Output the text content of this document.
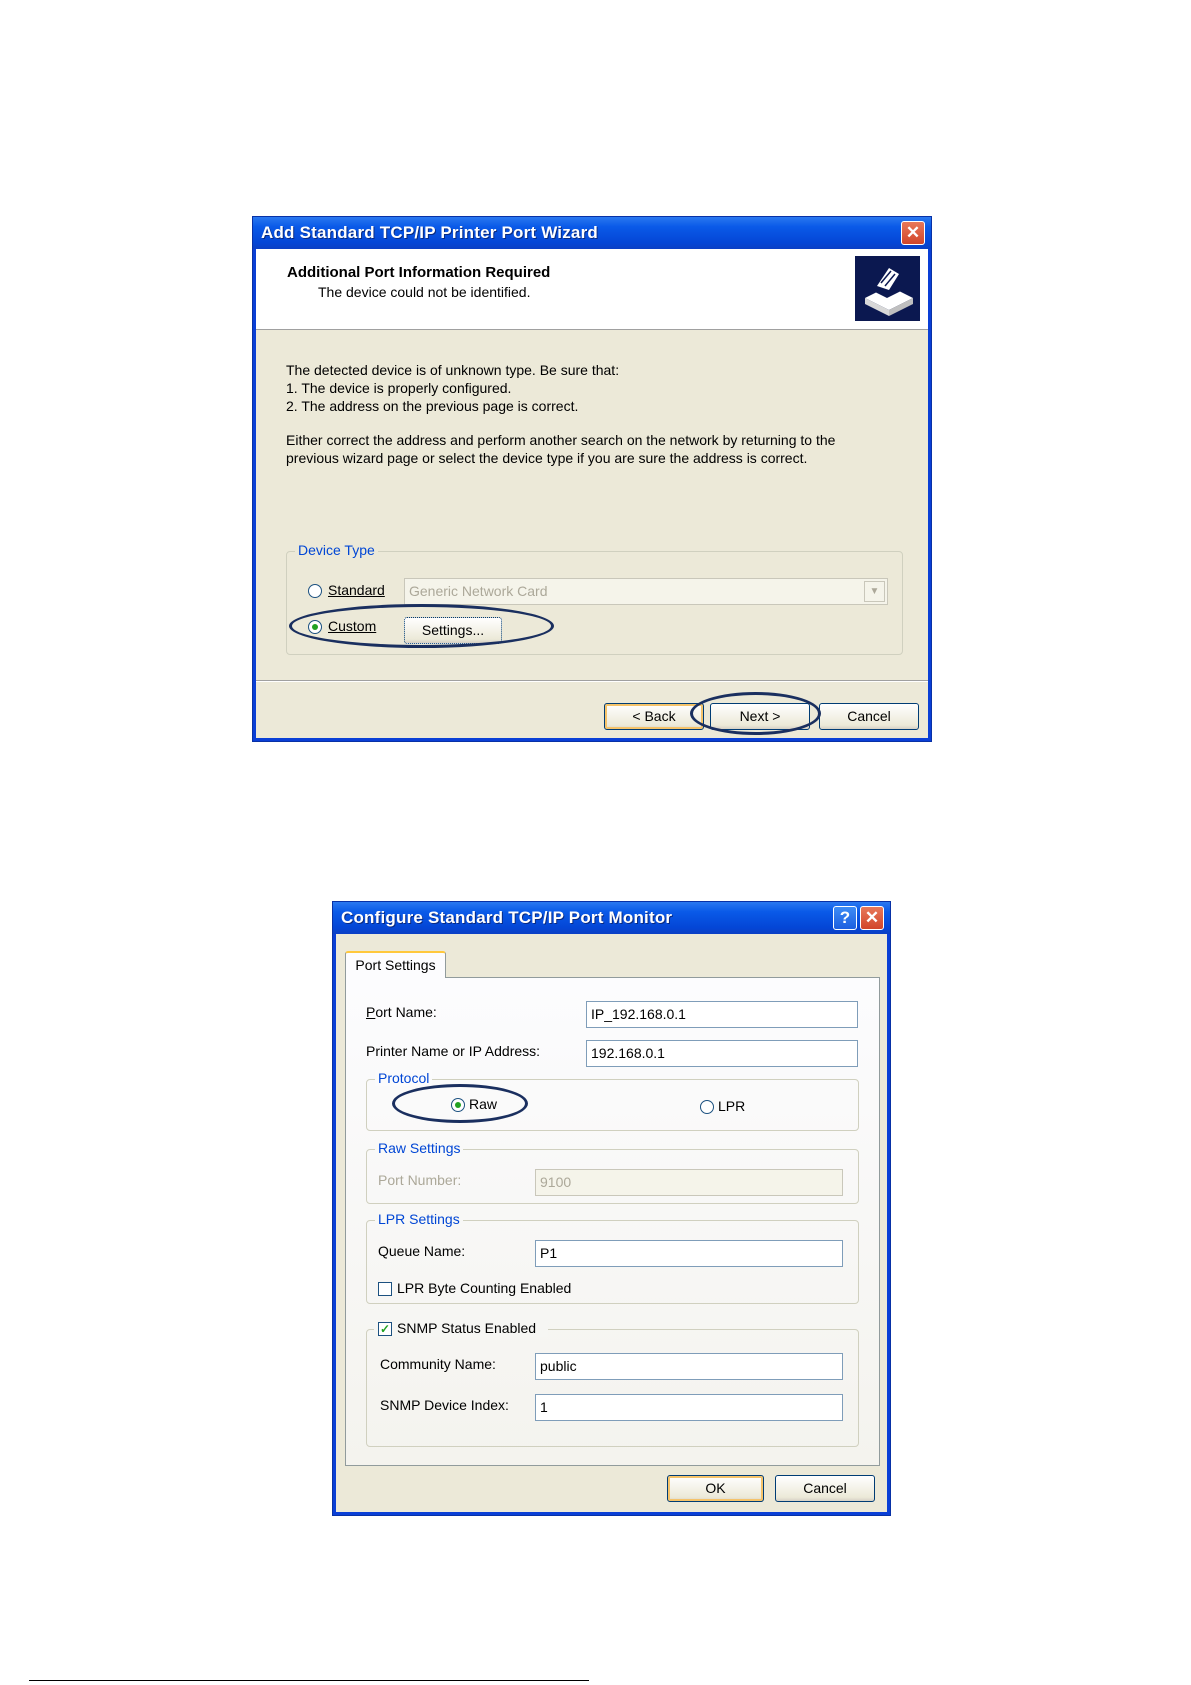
Add Standard TCP/IP Printer Port Wizard	✕
Additional Port Information Required
The device could not be identified.
The detected device is of unknown type. Be sure that:
1. The device is properly configured.
2. The address on the previous page is correct.
Either correct the address and perform another search on the network by returning to the
previous wizard page or select the device type if you are sure the address is correct.
Device Type
Standard	Generic Network Card	▼
Custom	Settings...
< Back	Next >	Cancel
Configure Standard TCP/IP Port Monitor	? ✕
Port Settings
Port Name:	IP_192.168.0.1
Printer Name or IP Address:	192.168.0.1
Protocol
Raw	LPR
Raw Settings
Port Number:	9100
LPR Settings
Queue Name:	P1
LPR Byte Counting Enabled
✓ SNMP Status Enabled
Community Name:	public
SNMP Device Index:	1
OK	Cancel
